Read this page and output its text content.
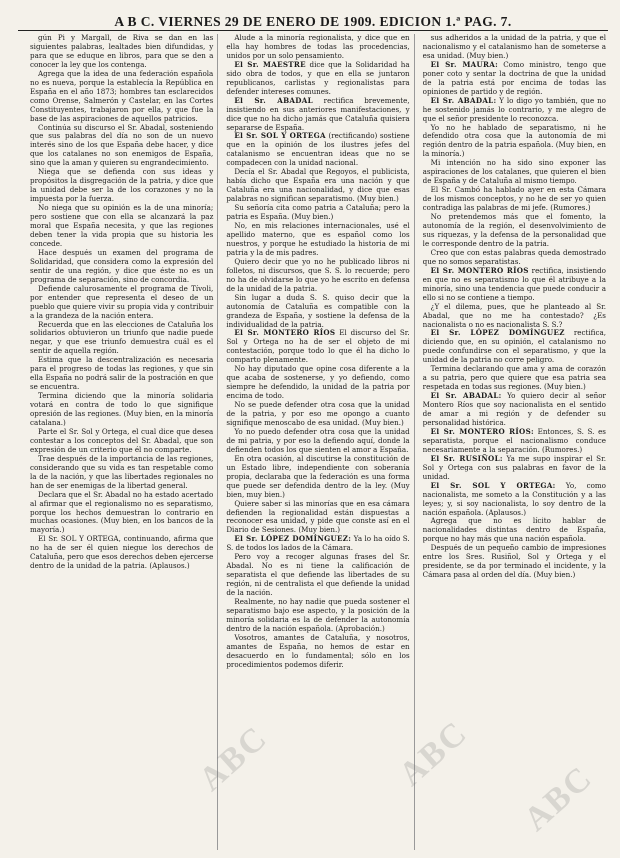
A B C. VIERNES 29 DE ENERO DE 1909. EDICION 1.ª PAG. 7.

gún Pi y Margall, de Riva se dan en las siguientes palabras, lealtades bien difundidas, y para que se eduque en libros, para que se den a conocer la ley que los contenga.

Agrega que la idea de una federación española no es nueva, porque la establecía la República en España en el año 1873; hombres tan esclarecidos como Orense, Salmerón y Castelar, en las Cortes Constituyentes, trabajaron por ella, y que fue la base de las aspiraciones de aquellos patricios.

Continúa su discurso el Sr. Abadal, sosteniendo que sus palabras del día no son de un nuevo interés sino de los que España debe hacer, y dice que los catalanes no son enemigos de España, sino que la aman y quieren su engrandecimiento.

Niega que se defienda con sus ideas y propósitos la disgregación de la patria, y dice que la unidad debe ser la de los corazones y no la impuesta por la fuerza.

No niega que su opinión es la de una minoría; pero sostiene que con ella se alcanzará la paz moral que España necesita, y que las regiones deben tener la vida propia que su historia les concede.

Hace después un examen del programa de Solidaridad, que considera como la expresión del sentir de una región, y dice que éste no es un programa de separación, sino de concordia.

Defiende calurosamente el programa de Tívoli, por entender que representa el deseo de un pueblo que quiere vivir su propia vida y contribuir a la grandeza de la nación entera.

Recuerda que en las elecciones de Cataluña los solidarios obtuvieron un triunfo que nadie puede negar, y que ese triunfo demuestra cuál es el sentir de aquella región.

Estima que la descentralización es necesaria para el progreso de todas las regiones, y que sin ella España no podrá salir de la postración en que se encuentra.

Termina diciendo que la minoría solidaria votará en contra de todo lo que signifique opresión de las regiones. (Muy bien, en la minoría catalana.)

Parte el Sr. Sol y Ortega, el cual dice que desea contestar a los conceptos del Sr. Abadal, que son expresión de un criterio que él no comparte.

Trae después de la importancia de las regiones, considerando que su vida es tan respetable como la de la nación, y que las libertades regionales no han de ser enemigas de la libertad general.

Declara que el Sr. Abadal no ha estado acertado al afirmar que el regionalismo no es separatismo, porque los hechos demuestran lo contrario en muchas ocasiones. (Muy bien, en los bancos de la mayoría.)

El Sr. SOL Y ORTEGA, continuando, afirma que no ha de ser él quien niegue los derechos de Cataluña, pero que esos derechos deben ejercerse dentro de la unidad de la patria. (Aplausos.)

Alude a la minoría regionalista, y dice que en ella hay hombres de todas las procedencias, unidos por un solo pensamiento.

El Sr. MAESTRE dice que la Solidaridad ha sido obra de todos, y que en ella se juntaron republicanos, carlistas y regionalistas para defender intereses comunes.

El Sr. ABADAL rectifica brevemente, insistiendo en sus anteriores manifestaciones, y dice que no ha dicho jamás que Cataluña quisiera separarse de España.

El Sr. SOL Y ORTEGA (rectificando) sostiene que en la opinión de los ilustres jefes del catalanismo se encuentran ideas que no se compadecen con la unidad nacional.

Decía el Sr. Abadal que Regoyos, el publicista, había dicho que España era una nación y que Cataluña era una nacionalidad, y dice que esas palabras no significan separatismo. (Muy bien.)

Su señoría cita como patria a Cataluña; pero la patria es España. (Muy bien.)

No, en mis relaciones internacionales, usé el apellido materno, que es español como los nuestros, y porque he estudiado la historia de mi patria y la de mis padres.

Quiero decir que yo no he publicado libros ni folletos, ni discursos, que S. S. lo recuerde; pero no ha de olvidarse lo que yo he escrito en defensa de la unidad de la patria.

Sin lugar a duda S. S. quiso decir que la autonomía de Cataluña es compatible con la grandeza de España, y sostiene la defensa de la individualidad de la patria.

El Sr. MONTERO RÍOS El discurso del Sr. Sol y Ortega no ha de ser el objeto de mi contestación, porque todo lo que él ha dicho lo comparto plenamente.

No hay diputado que opine cosa diferente a la que acaba de sostenerse, y yo defiendo, como siempre he defendido, la unidad de la patria por encima de todo.

No se puede defender otra cosa que la unidad de la patria, y por eso me opongo a cuanto signifique menoscabo de esa unidad. (Muy bien.)

Yo no puedo defender otra cosa que la unidad de mi patria, y por eso la defiendo aquí, donde la defienden todos los que sienten el amor a España.

En otra ocasión, al discutirse la constitución de un Estado libre, independiente con soberanía propia, declaraba que la federación es una forma que puede ser defendida dentro de la ley. (Muy bien, muy bien.)

Quiere saber si las minorías que en esa cámara defienden la regionalidad están dispuestas a reconocer esa unidad, y pide que conste así en el Diario de Sesiones. (Muy bien.)

El Sr. LÓPEZ DOMÍNGUEZ: Ya lo ha oído S. S. de todos los lados de la Cámara.

Pero voy a recoger algunas frases del Sr. Abadal. No es ni tiene la calificación de separatista el que defiende las libertades de su región, ni de centralista el que defiende la unidad de la nación.

Realmente, no hay nadie que pueda sostener el separatismo bajo ese aspecto, y la posición de la minoría solidaria es la de defender la autonomía dentro de la nación española. (Aprobación.)

Vosotros, amantes de Cataluña, y nosotros, amantes de España, no hemos de estar en desacuerdo en lo fundamental; sólo en los procedimientos podemos diferir.

sus adheridos a la unidad de la patria, y que el nacionalismo y el catalanismo han de someterse a esa unidad. (Muy bien.)

El Sr. MAURA: Como ministro, tengo que poner coto y sentar la doctrina de que la unidad de la patria está por encima de todas las opiniones de partido y de región.

El Sr. ABADAL: Y lo digo yo también, que no he sostenido jamás lo contrario, y me alegro de que el señor presidente lo reconozca.

Yo no he hablado de separatismo, ni he defendido otra cosa que la autonomía de mi región dentro de la patria española. (Muy bien, en la minoría.)

Mi intención no ha sido sino exponer las aspiraciones de los catalanes, que quieren el bien de España y de Cataluña al mismo tiempo.

El Sr. Cambó ha hablado ayer en esta Cámara de los mismos conceptos, y no he de ser yo quien contradiga las palabras de mi jefe. (Rumores.)

No pretendemos más que el fomento, la autonomía de la región, el desenvolvimiento de sus riquezas, y la defensa de la personalidad que le corresponde dentro de la patria.

Creo que con estas palabras queda demostrado que no somos separatistas.

El Sr. MONTERO RÍOS rectifica, insistiendo en que no es separatismo lo que él atribuye a la minoría, sino una tendencia que puede conducir a ello si no se contiene a tiempo.

¿Y el dilema, pues, que he planteado al Sr. Abadal, que no me ha contestado? ¿Es nacionalista o no es nacionalista S. S.?

El Sr. LÓPEZ DOMÍNGUEZ rectifica, diciendo que, en su opinión, el catalanismo no puede confundirse con el separatismo, y que la unidad de la patria no corre peligro.

Termina declarando que ama y ama de corazón a su patria, pero que quiere que esa patria sea respetada en todas sus regiones. (Muy bien.)

El Sr. ABADAL: Yo quiero decir al señor Montero Ríos que soy nacionalista en el sentido de amar a mi región y de defender su personalidad histórica.

El Sr. MONTERO RÍOS: Entonces, S. S. es separatista, porque el nacionalismo conduce necesariamente a la separación. (Rumores.)

El Sr. RUSIÑOL: Ya me supo inspirar el Sr. Sol y Ortega con sus palabras en favor de la unidad.

El Sr. SOL Y ORTEGA: Yo, como nacionalista, me someto a la Constitución y a las leyes; y, si soy nacionalista, lo soy dentro de la nación española. (Aplausos.)

Agrega que no es lícito hablar de nacionalidades distintas dentro de España, porque no hay más que una nación española.

Después de un pequeño cambio de impresiones entre los Sres. Rusiñol, Sol y Ortega y el presidente, se da por terminado el incidente, y la Cámara pasa al orden del día. (Muy bien.)

ABC	ABC
ABC
